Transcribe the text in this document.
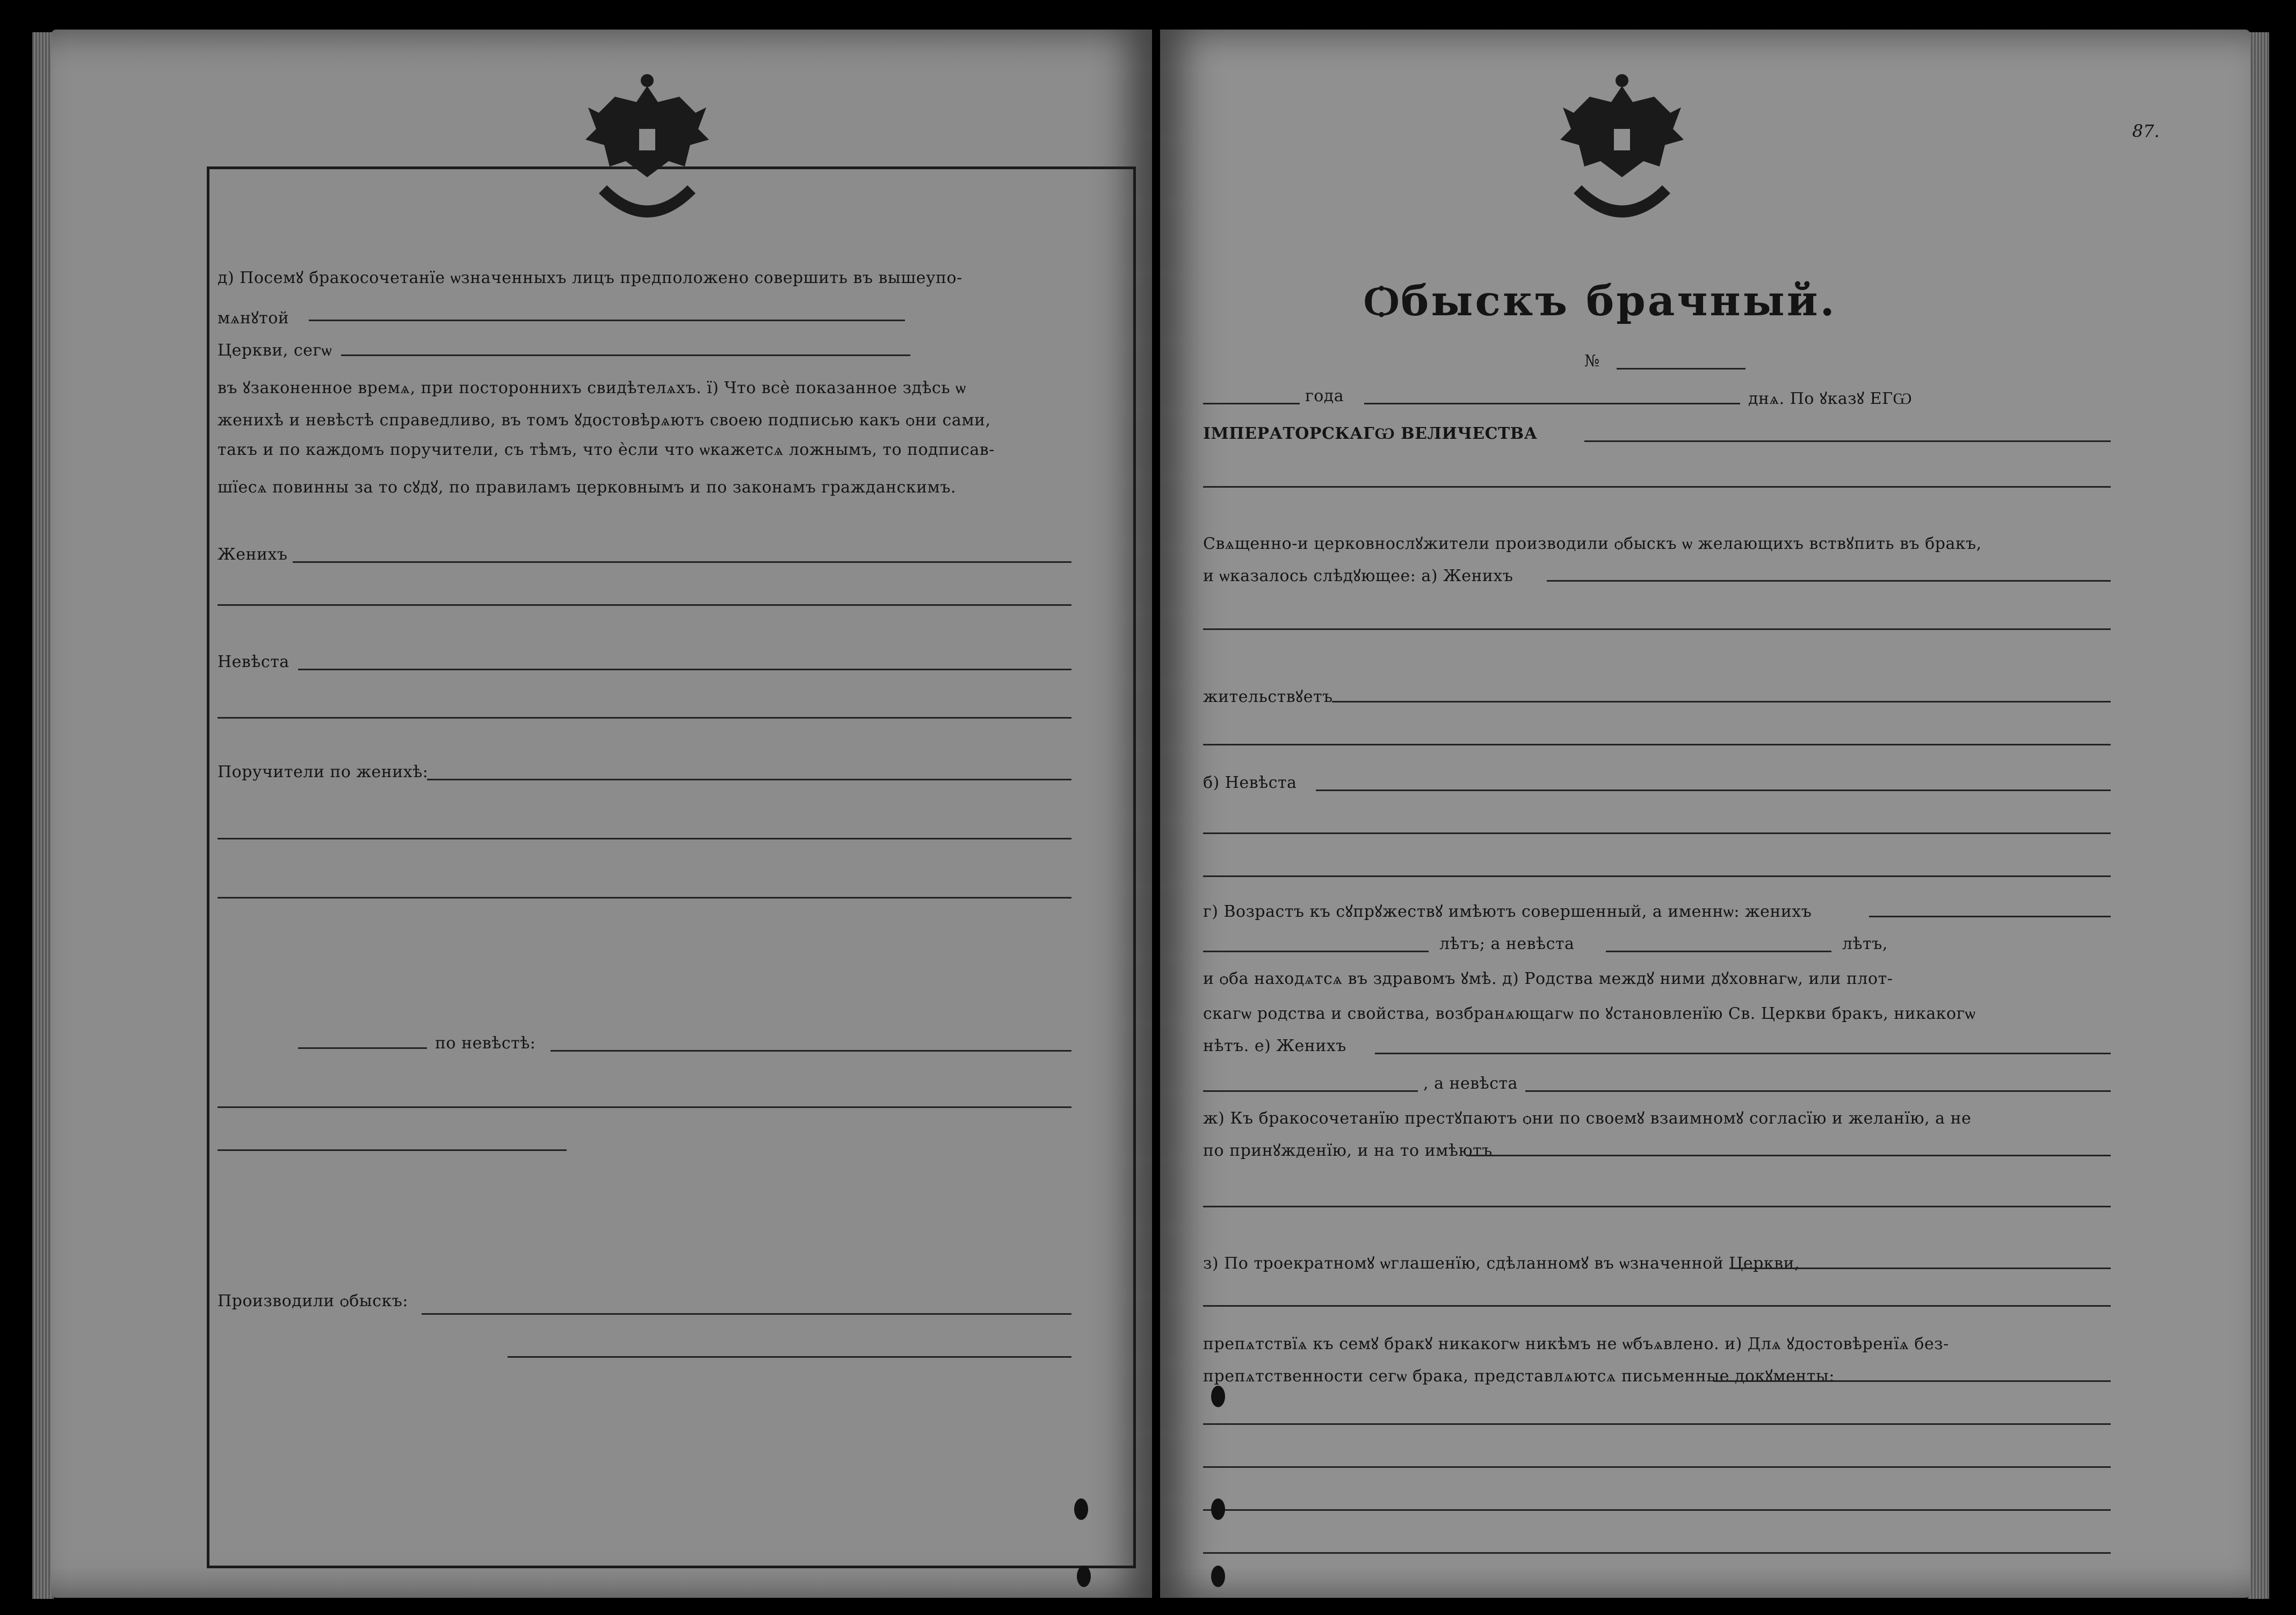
д) Посемꙋ бракосочетанїе ѡзначенныхъ лицъ предположено совершить въ вышеупо-
мѧнꙋтой
Церкви, сегѡ
въ ꙋзаконенное времѧ, при постороннихъ свидѣтелѧхъ. ї) Что всѐ показанное здѣсь ѡ
женихѣ и невѣстѣ справедливо, въ томъ ꙋдостовѣрѧютъ своею подписью какъ ѻни сами,
такъ и по каждомъ поручители, съ тѣмъ, что ѐсли что ѡкажетсѧ ложнымъ, то подписав-
шїесѧ повинны за то сꙋдꙋ, по правиламъ церковнымъ и по законамъ гражданскимъ.
Женихъ
Невѣста
Поручители по женихѣ:
по невѣстѣ:
Производили ѻбыскъ:
87.
Ѻбыскъ брачный.
№
года	днѧ. По ꙋказꙋ ЕГѠ
ІМПЕРАТОРСКАГѠ ВЕЛИЧЕСТВА
Свѧщенно-и церковнослꙋжители производили ѻбыскъ ѡ желающихъ вствꙋпить въ бракъ,
и ѡказалось слѣдꙋющее: а) Женихъ
жительствꙋетъ
б) Невѣста
г) Возрастъ къ сꙋпрꙋжествꙋ имѣютъ совершенный, а именнѡ: женихъ
лѣтъ; а невѣста	лѣтъ,
и ѻба находѧтсѧ въ здравомъ ꙋмѣ. д) Родства междꙋ ними дꙋховнагѡ, или плот-
скагѡ родства и свойства, возбранѧющагѡ по ꙋстановленїю Св. Церкви бракъ, никакогѡ
нѣтъ. е) Женихъ
, а невѣста
ж) Къ бракосочетанїю престꙋпаютъ ѻни по своемꙋ взаимномꙋ согласїю и желанїю, а не
по принꙋжденїю, и на то имѣютъ
з) По троекратномꙋ ѡглашенїю, сдѣланномꙋ въ ѡзначенной Церкви,
препѧтствїѧ къ семꙋ бракꙋ никакогѡ никѣмъ не ѡбъѧвлено. и) Длѧ ꙋдостовѣренїѧ без-
препѧтственности сегѡ брака, представлѧютсѧ письменные докꙋменты:
